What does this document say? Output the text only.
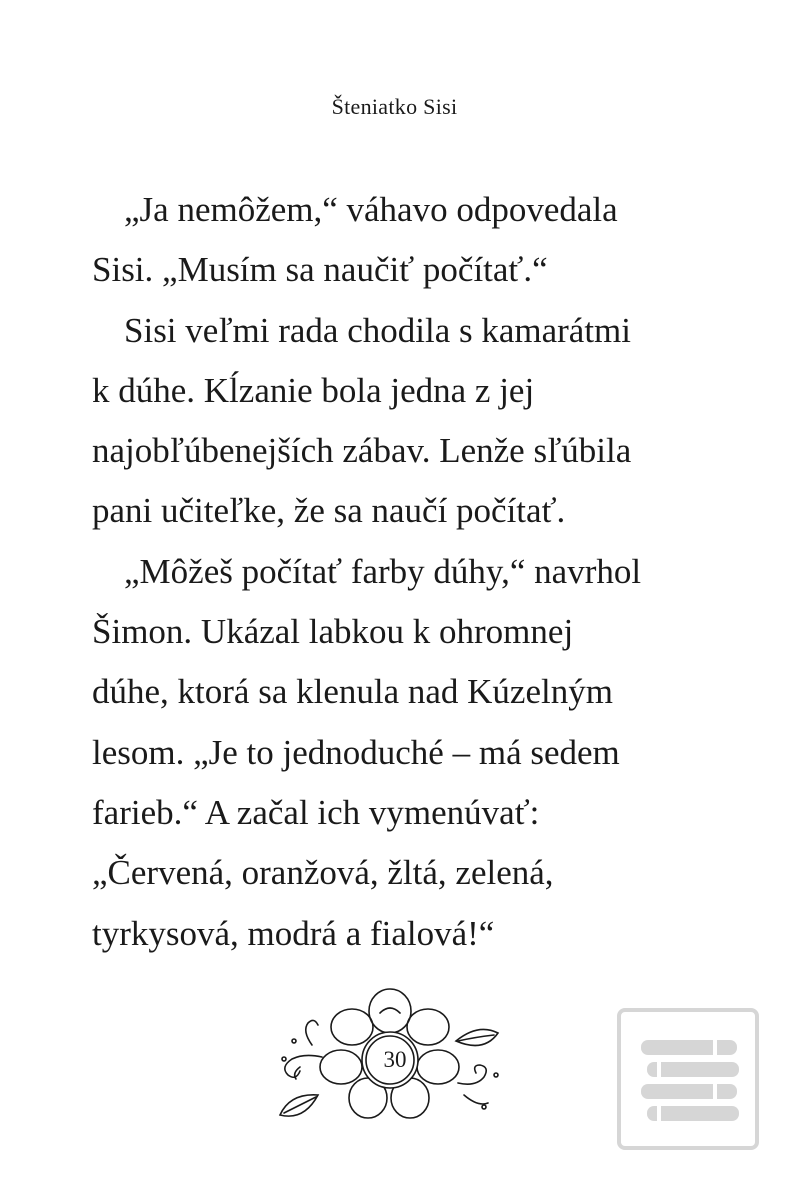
Šteniatko Sisi
„Ja nemôžem,“ váhavo odpovedala
Sisi. „Musím sa naučiť počítať.“
Sisi veľmi rada chodila s kamarátmi
k dúhe. Kĺzanie bola jedna z jej
najobľúbenejších zábav. Lenže sľúbila
pani učiteľke, že sa naučí počítať.
„Môžeš počítať farby dúhy,“ navrhol
Šimon. Ukázal labkou k ohromnej
dúhe, ktorá sa klenula nad Kúzelným
lesom. „Je to jednoduché – má sedem
farieb.“ A začal ich vymenúvať:
„Červená, oranžová, žltá, zelená,
tyrkysová, modrá a fialová!“
30
